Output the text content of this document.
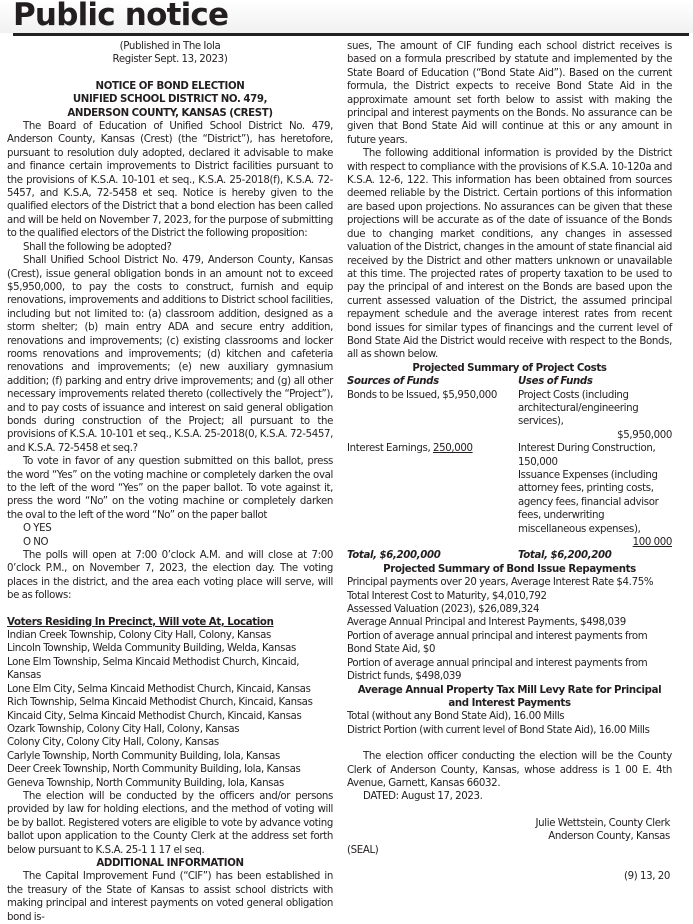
Public notice

(Published in The Iola

Register Sept. 13, 2023)

NOTICE OF BOND ELECTION

UNIFIED SCHOOL DISTRICT NO. 479,

ANDERSON COUNTY, KANSAS (CREST)

The Board of Education of Unified School District No. 479, Anderson County, Kansas (Crest) (the “District”), has heretofore, pursuant to resolution duly adopted, declared it advisable to make and finance certain improvements to District facilities pursuant to the provisions of K.S.A. 10-101 et seq., K.S.A. 25-2018(f), K.S.A. 72-5457, and K.S.A, 72-5458 et seq. Notice is hereby given to the qualified electors of the District that a bond election has been called and will be held on November 7, 2023, for the purpose of submitting to the qualified electors of the District the following proposition:

Shall the following be adopted?

Shall Unified School District No. 479, Anderson County, Kansas (Crest), issue general obligation bonds in an amount not to exceed $5,950,000, to pay the costs to construct, furnish and equip renovations, improvements and additions to District school facilities, including but not limited to: (a) classroom addition, designed as a storm shelter; (b) main entry ADA and secure entry addition, renovations and improvements; (c) existing classrooms and locker rooms renovations and improvements; (d) kitchen and cafeteria renovations and improvements; (e) new auxiliary gymnasium addition; (f) parking and entry drive improvements; and (g) all other necessary improvements related thereto (collectively the “Project”), and to pay costs of issuance and interest on said general obligation bonds during construction of the Project; all pursuant to the provisions of K.S.A. 10-101 et seq., K.S.A. 25-2018(0, K.S.A. 72-5457, and K.S.A. 72-5458 et seq.?

To vote in favor of any question submitted on this ballot, press the word “Yes” on the voting machine or completely darken the oval to the left of the word “Yes” on the paper ballot. To vote against it, press the word “No” on the voting machine or completely darken the oval to the left of the word “No” on the paper ballot

O YES

O NO

The polls will open at 7:00 0’clock A.M. and will close at 7:00 0’clock P.M., on November 7, 2023, the election day. The voting places in the district, and the area each voting place will serve, will be as follows:

Voters Residing In Precinct, Will vote At, Location

Indian Creek Township, Colony City Hall, Colony, Kansas

Lincoln Township, Welda Community Building, Welda, Kansas

Lone Elm Township, Selma Kincaid Methodist Church, Kincaid, Kansas

Lone Elm City, Selma Kincaid Methodist Church, Kincaid, Kansas

Rich Township, Selma Kincaid Methodist Church, Kincaid, Kansas

Kincaid City, Selma Kincaid Methodist Church, Kincaid, Kansas

Ozark Township, Colony City Hall, Colony, Kansas

Colony City, Colony City Hall, Colony, Kansas

Carlyle Township, North Community Building, Iola, Kansas

Deer Creek Township, North Community Building, Iola, Kansas

Geneva Township, North Community Building, Iola, Kansas

The election will be conducted by the officers and/or persons provided by law for holding elections, and the method of voting will be by ballot. Registered voters are eligible to vote by advance voting ballot upon application to the County Clerk at the address set forth below pursuant to K.S.A. 25-1 1 17 el seq.

ADDITIONAL INFORMATION

The Capital Improvement Fund (“CIF”) has been established in the treasury of the State of Kansas to assist school districts with making principal and interest payments on voted general obligation bond is-

sues, The amount of CIF funding each school district receives is based on a formula prescribed by statute and implemented by the State Board of Education (“Bond State Aid”). Based on the current formula, the District expects to receive Bond State Aid in the approximate amount set forth below to assist with making the principal and interest payments on the Bonds. No assurance can be given that Bond State Aid will continue at this or any amount in future years.

The following additional information is provided by the District with respect to compliance with the provisions of K.S.A. 10-120a and K.S.A. 12-6, 122. This information has been obtained from sources deemed reliable by the District. Certain portions of this information are based upon projections. No assurances can be given that these projections will be accurate as of the date of issuance of the Bonds due to changing market conditions, any changes in assessed valuation of the District, changes in the amount of state financial aid received by the District and other matters unknown or unavailable at this time. The projected rates of property taxation to be used to pay the principal of and interest on the Bonds are based upon the current assessed valuation of the District, the assumed principal repayment schedule and the average interest rates from recent bond issues for similar types of financings and the current level of Bond State Aid the District would receive with respect to the Bonds, all as shown below.

Projected Summary of Project Costs

Sources of Funds	Uses of Funds
Bonds to be Issued, $5,950,000	Project Costs (including architectural/engineering services),

$5,950,000

Interest Earnings, 250,000	Interest During Construction, 150,000
Issuance Expenses (including attorney fees, printing costs, agency fees, financial advisor fees, underwriting miscellaneous expenses),

100 000

Total, $6,200,000	Total, $6,200,200

Projected Summary of Bond Issue Repayments

Principal payments over 20 years, Average Interest Rate $4.75%

Total Interest Cost to Maturity, $4,010,792

Assessed Valuation (2023), $26,089,324

Average Annual Principal and Interest Payments, $498,039

Portion of average annual principal and interest payments from Bond State Aid, $0

Portion of average annual principal and interest payments from District funds, $498,039

Average Annual Property Tax Mill Levy Rate for Principal and Interest Payments

Total (without any Bond State Aid), 16.00 Mills

District Portion (with current level of Bond State Aid), 16.00 Mills

The election officer conducting the election will be the County Clerk of Anderson County, Kansas, whose address is 1 00 E. 4th Avenue, Garnett, Kansas 66032.

DATED: August 17, 2023.

Julie Wettstein, County Clerk

Anderson County, Kansas

(SEAL)

(9) 13, 20
